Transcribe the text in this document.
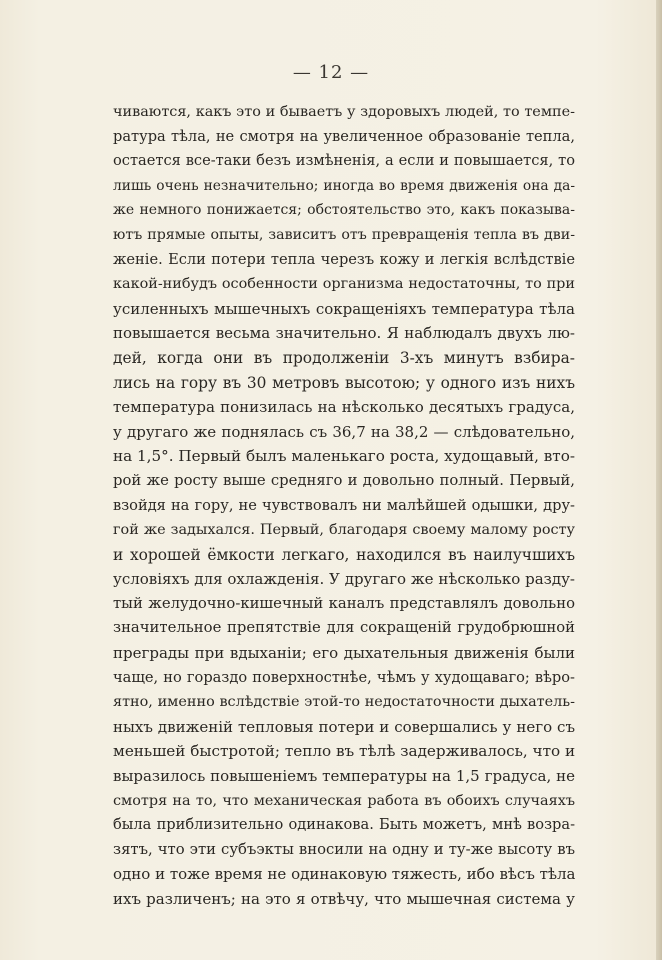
— 12 —
чиваются, какъ это и бываетъ у здоровыхъ людей, то темпе-
ратура тѣла, не смотря на увеличенное образованіе тепла,
остается все-таки безъ измѣненія, а если и повышается, то
лишь очень незначительно; иногда во время движенія она да-
же немного понижается; обстоятельство это, какъ показыва-
ютъ прямые опыты, зависитъ отъ превращенія тепла въ дви-
женіе. Если потери тепла черезъ кожу и легкія вслѣдствіе
какой-нибудъ особенности организма недостаточны, то при
усиленныхъ мышечныхъ сокращеніяхъ температура тѣла
повышается весьма значительно. Я наблюдалъ двухъ лю-
дей, когда они въ продолженіи 3-хъ минутъ взбира-
лись на гору въ 30 метровъ высотою; у одного изъ нихъ
температура понизилась на нѣсколько десятыхъ градуса,
у другаго же поднялась съ 36,7 на 38,2 — слѣдовательно,
на 1,5°. Первый былъ маленькаго роста, худощавый, вто-
рой же росту выше средняго и довольно полный. Первый,
взойдя на гору, не чувствовалъ ни малѣйшей одышки, дру-
гой же задыхался. Первый, благодаря своему малому росту
и хорошей ёмкости легкаго, находился въ наилучшихъ
условіяхъ для охлажденія. У другаго же нѣсколько разду-
тый желудочно-кишечный каналъ представлялъ довольно
значительное препятствіе для сокращеній грудобрюшной
преграды при вдыханіи; его дыхательныя движенія были
чаще, но гораздо поверхностнѣе, чѣмъ у худощаваго; вѣро-
ятно, именно вслѣдствіе этой-то недостаточности дыхатель-
ныхъ движеній тепловыя потери и совершались у него съ
меньшей быстротой; тепло въ тѣлѣ задерживалось, что и
выразилось повышеніемъ температуры на 1,5 градуса, не
смотря на то, что механическая работа въ обоихъ случаяхъ
была приблизительно одинакова. Быть можетъ, мнѣ возра-
зятъ, что эти субъэкты вносили на одну и ту-же высоту въ
одно и тоже время не одинаковую тяжесть, ибо вѣсъ тѣла
ихъ различенъ; на это я отвѣчу, что мышечная система у
